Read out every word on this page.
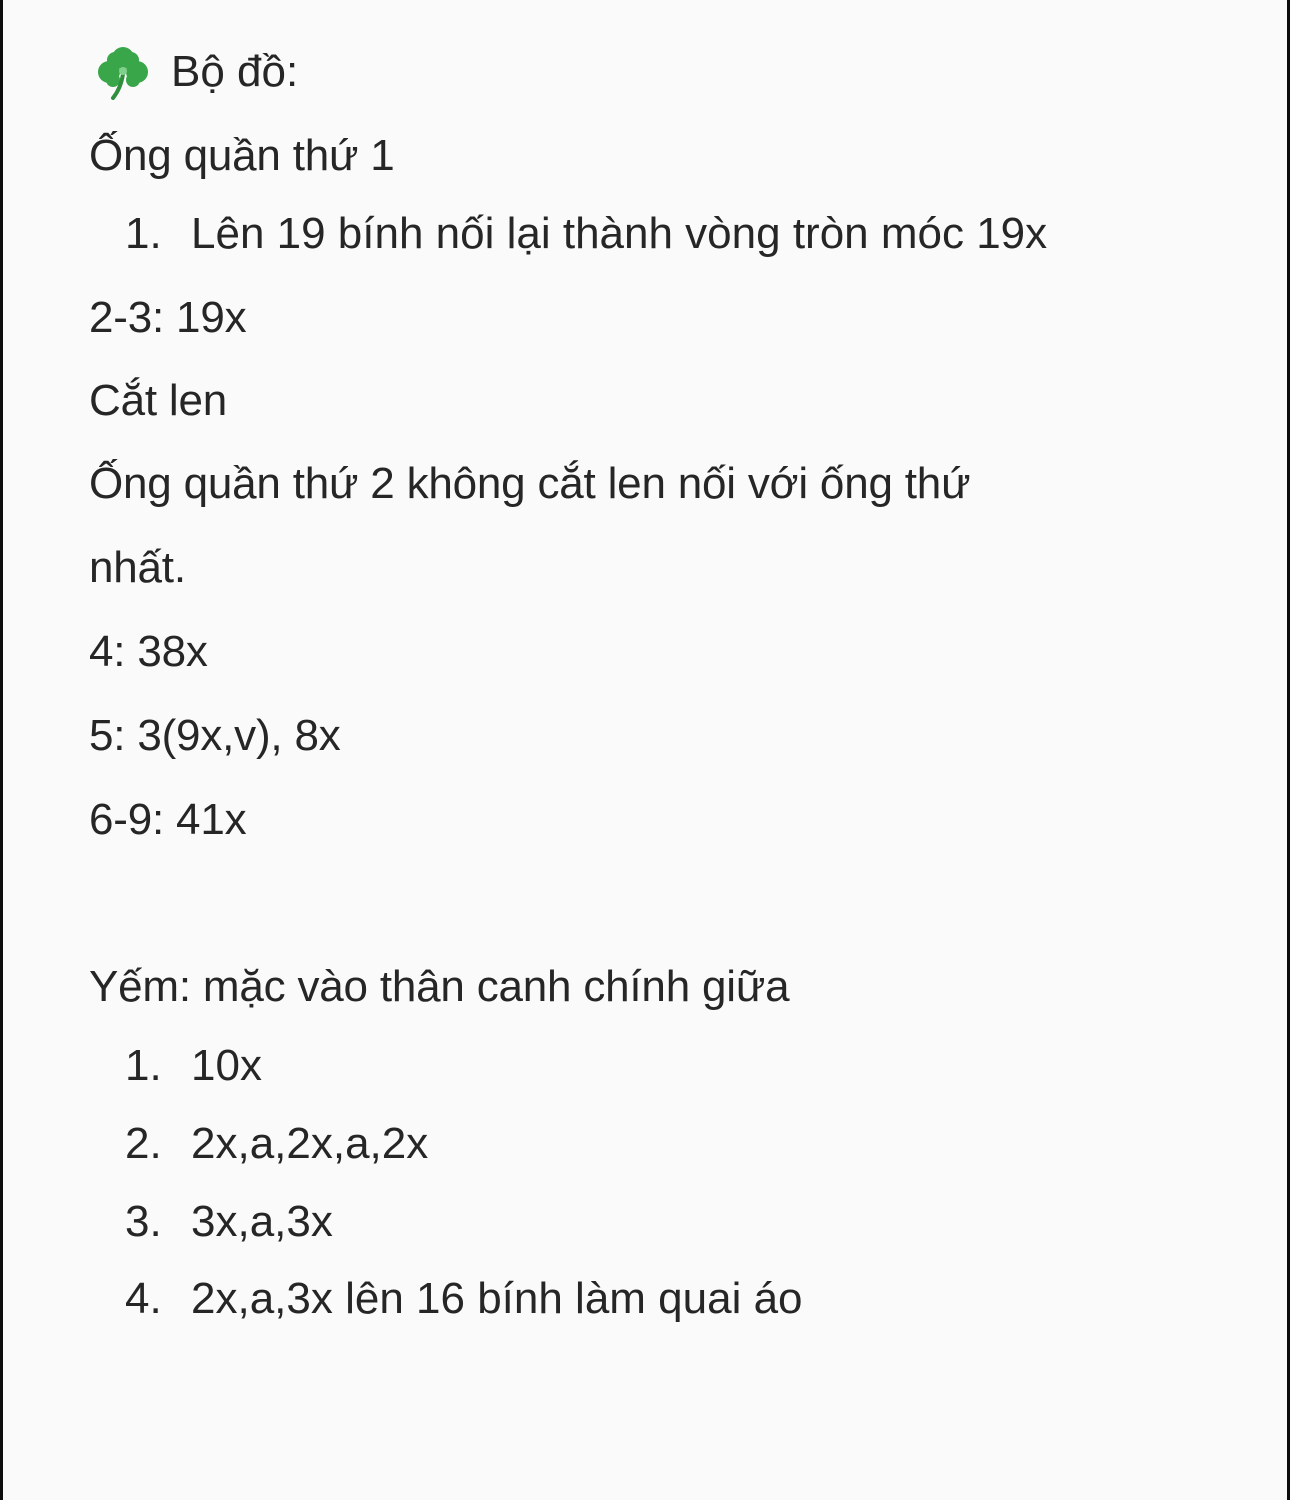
Bộ đồ:
Ống quần thứ 1
1. Lên 19 bính nối lại thành vòng tròn móc 19x
2-3: 19x
Cắt len
Ống quần thứ 2 không cắt len nối với ống thứ
nhất.
4: 38x
5: 3(9x,v), 8x
6-9: 41x
Yếm: mặc vào thân canh chính giữa
1. 10x
2. 2x,a,2x,a,2x
3. 3x,a,3x
4. 2x,a,3x lên 16 bính làm quai áo
